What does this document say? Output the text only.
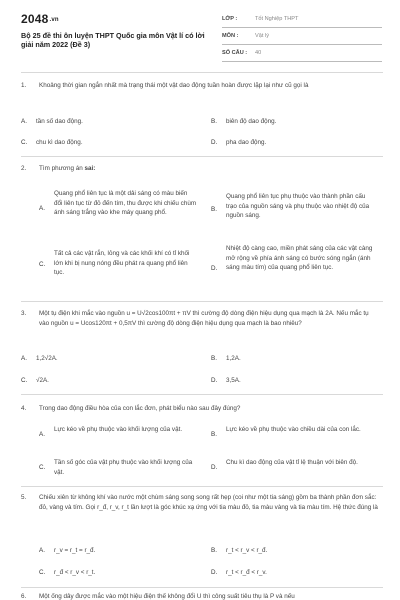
2048.vn
Bộ 25 đề thi ôn luyện THPT Quốc gia môn Vật lí có lời giải năm 2022 (Đề 3)
LỚP :	Tốt Nghiệp THPT
MÔN :	Vật lý
SỐ CÂU :	40
1. Khoảng thời gian ngắn nhất mà trạng thái một vật dao động tuần hoàn được lặp lại như cũ gọi là
A. tần số dao động.	B. biên độ dao động.
C. chu kì dao động.	D. pha dao động.
2. Tìm phương án sai:
A.
Quang phổ liên tục là một dải sáng có màu biến đổi liên tục từ đỏ đến tím, thu được khi chiếu chùm ánh sáng trắng vào khe máy quang phổ.	B.
Quang phổ liên tục phụ thuộc vào thành phần cấu trạo của nguồn sáng và phụ thuộc vào nhiệt độ của nguồn sáng.
C.
Tất cả các vật rắn, lỏng và các khối khí có tỉ khối lớn khi bị nung nóng đều phát ra quang phổ liên tục.
D.
Nhiệt độ càng cao, miền phát sáng của các vật càng mở rộng về phía ánh sáng có bước sóng ngắn (ánh sáng màu tím) của quang phổ liên tục.
3. Một tụ điện khi mắc vào nguồn u = U√2cos100πt + πV thì cường độ dòng điện hiệu dụng qua mạch là 2A. Nếu mắc tụ vào nguồn u = Ucos120πt + 0,5πV thì cường độ dòng điện hiệu dụng qua mạch là bao nhiêu?
A. 1,2√2A.	B. 1,2A.
C. √2A.	D. 3,5A.
4. Trong dao động điều hòa của con lắc đơn, phát biểu nào sau đây đúng?
A.
Lực kéo về phụ thuộc vào khối lượng của vật.
B.
Lực kéo về phụ thuộc vào chiều dài của con lắc.
C.
Tần số góc của vật phụ thuộc vào khối lượng của vật.
D.
Chu kì dao động của vật tỉ lệ thuận với biên độ.
5. Chiếu xiên từ không khí vào nước một chùm sáng song song rất hẹp (coi như một tia sáng) gồm ba thành phần đơn sắc: đỏ, vàng và tím. Gọi r_đ, r_v, r_t lần lượt là góc khúc xạ ứng với tia màu đỏ, tia màu vàng và tia màu tím. Hệ thức đúng là
A. r_v = r_t = r_đ.	B. r_t < r_v < r_đ.
C. r_đ < r_v < r_t.	D. r_t < r_đ < r_v.
6. Một ống dây được mắc vào một hiệu điện thế không đổi U thì công suất tiêu thụ là P và nếu
